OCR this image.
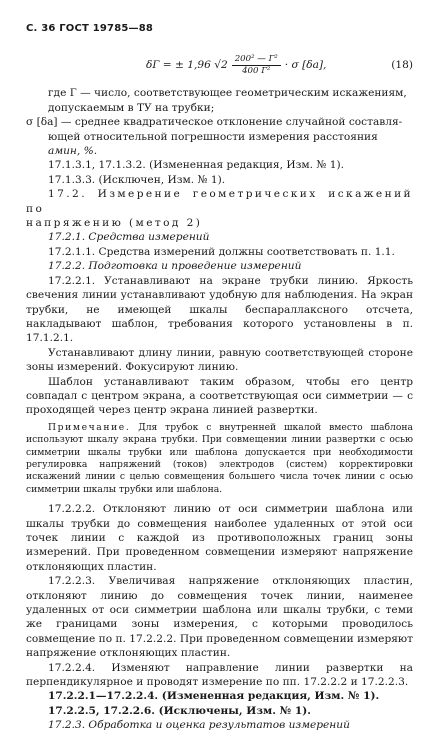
С. 36 ГОСТ 19785—88
δГ = ± 1,96 $√2 \frac{\text{200² — Г²}}{\text{400 Г²}} \cdot \sigma$ [δа],	(18)

где Г — число, соответствующее геометрическим искажениям,

допускаемым в ТУ на трубки;

σ [δа] — среднее квадратическое отклонение случайной составля-

ющей относительной погрешности измерения расстояния

aмин, %.

17.1.3.1, 17.1.3.2. (Измененная редакция, Изм. № 1).

17.1.3.3. (Исключен, Изм. № 1).

17.2. Измерение геометрических искажений по

напряжению (метод 2)

17.2.1. Средства измерений

17.2.1.1. Средства измерений должны соответствовать п. 1.1.

17.2.2. Подготовка и проведение измерений

17.2.2.1. Устанавливают на экране трубки линию. Яркость свечения линии устанавливают удобную для наблюдения. На экран трубки, не имеющей шкалы беспараллаксного отсчета, накладывают шаблон, требования которого установлены в п. 17.1.2.1.

Устанавливают длину линии, равную соответствующей стороне зоны измерений. Фокусируют линию.

Шаблон устанавливают таким образом, чтобы его центр совпадал с центром экрана, а соответствующая оси симметрии — с проходящей через центр экрана линией развертки.

Примечание. Для трубок с внутренней шкалой вместо шаблона используют шкалу экрана трубки. При совмещении линии развертки с осью симметрии шкалы трубки или шаблона допускается при необходимости регулировка напряжений (токов) электродов (систем) корректировки искажений линии с целью совмещения большего числа точек линии с осью симметрии шкалы трубки или шаблона.

17.2.2.2. Отклоняют линию от оси симметрии шаблона или шкалы трубки до совмещения наиболее удаленных от этой оси точек линии с каждой из противоположных границ зоны измерений. При проведенном совмещении измеряют напряжение отклоняющих пластин.

17.2.2.3. Увеличивая напряжение отклоняющих пластин, отклоняют линию до совмещения точек линии, наименее удаленных от оси симметрии шаблона или шкалы трубки, с теми же границами зоны измерения, с которыми проводилось совмещение по п. 17.2.2.2. При проведенном совмещении измеряют напряжение отклоняющих пластин.

17.2.2.4. Изменяют направление линии развертки на перпендикулярное и проводят измерение по пп. 17.2.2.2 и 17.2.2.3.

17.2.2.1—17.2.2.4. (Измененная редакция, Изм. № 1).

17.2.2.5, 17.2.2.6. (Исключены, Изм. № 1).

17.2.3. Обработка и оценка результатов измерений
